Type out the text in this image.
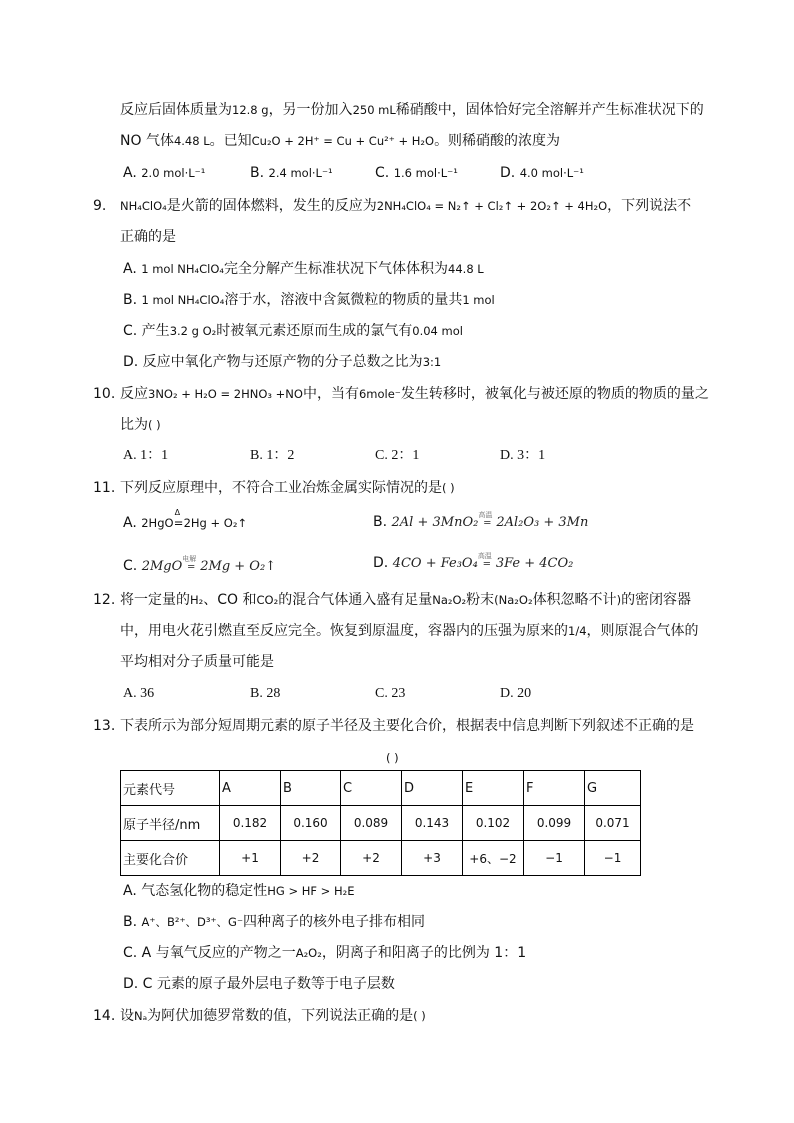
反应后固体质量为12.8 g，另一份加入250 mL稀硝酸中，固体恰好完全溶解并产生标准状况下的
NO 气体4.48 L。已知Cu₂O + 2H⁺ = Cu + Cu²⁺ + H₂O。则稀硝酸的浓度为
A. 2.0 mol·L⁻¹	B. 2.4 mol·L⁻¹	C. 1.6 mol·L⁻¹	D. 4.0 mol·L⁻¹
9. NH₄ClO₄是火箭的固体燃料，发生的反应为2NH₄ClO₄ = N₂↑ + Cl₂↑ + 2O₂↑ + 4H₂O，下列说法不
正确的是
A. 1 mol NH₄ClO₄完全分解产生标准状况下气体体积为44.8 L
B. 1 mol NH₄ClO₄溶于水，溶液中含氮微粒的物质的量共1 mol
C. 产生3.2 g O₂时被氧元素还原而生成的氯气有0.04 mol
D. 反应中氧化产物与还原产物的分子总数之比为3:1
10. 反应3NO₂ + H₂O = 2HNO₃ +NO中，当有6mole⁻发生转移时，被氧化与被还原的物质的物质的量之
比为( )
A. 1：1	B. 1：2	C. 2：1	D. 3：1
11. 下列反应原理中，不符合工业冶炼金属实际情况的是( )
A. 2HgO
Δ
=2Hg + O₂↑	B. 2Al + 3MnO₂ 高温
= 2Al₂O₃ + 3Mn
C. 2MgO 电解
= 2Mg + O₂↑	D. 4CO + Fe₃O₄ 高温
= 3Fe + 4CO₂
12. 将一定量的H₂、CO 和CO₂的混合气体通入盛有足量Na₂O₂粉末(Na₂O₂体积忽略不计)的密闭容器
中，用电火花引燃直至反应完全。恢复到原温度，容器内的压强为原来的1/4，则原混合气体的
平均相对分子质量可能是
A. 36	B. 28	C. 23	D. 20
13. 下表所示为部分短周期元素的原子半径及主要化合价，根据表中信息判断下列叙述不正确的是
( )
元素代号	A	B	C	D	E	F	G
原子半径/nm	0.182	0.160	0.089	0.143	0.102	0.099	0.071
主要化合价	+1	+2	+2	+3	+6、−2	−1	−1
A. 气态氢化物的稳定性HG > HF > H₂E
B. A⁺、B²⁺、D³⁺、G⁻四种离子的核外电子排布相同
C. A 与氧气反应的产物之一A₂O₂，阴离子和阳离子的比例为 1：1
D. C 元素的原子最外层电子数等于电子层数
14. 设Nₐ为阿伏加德罗常数的值，下列说法正确的是( )
